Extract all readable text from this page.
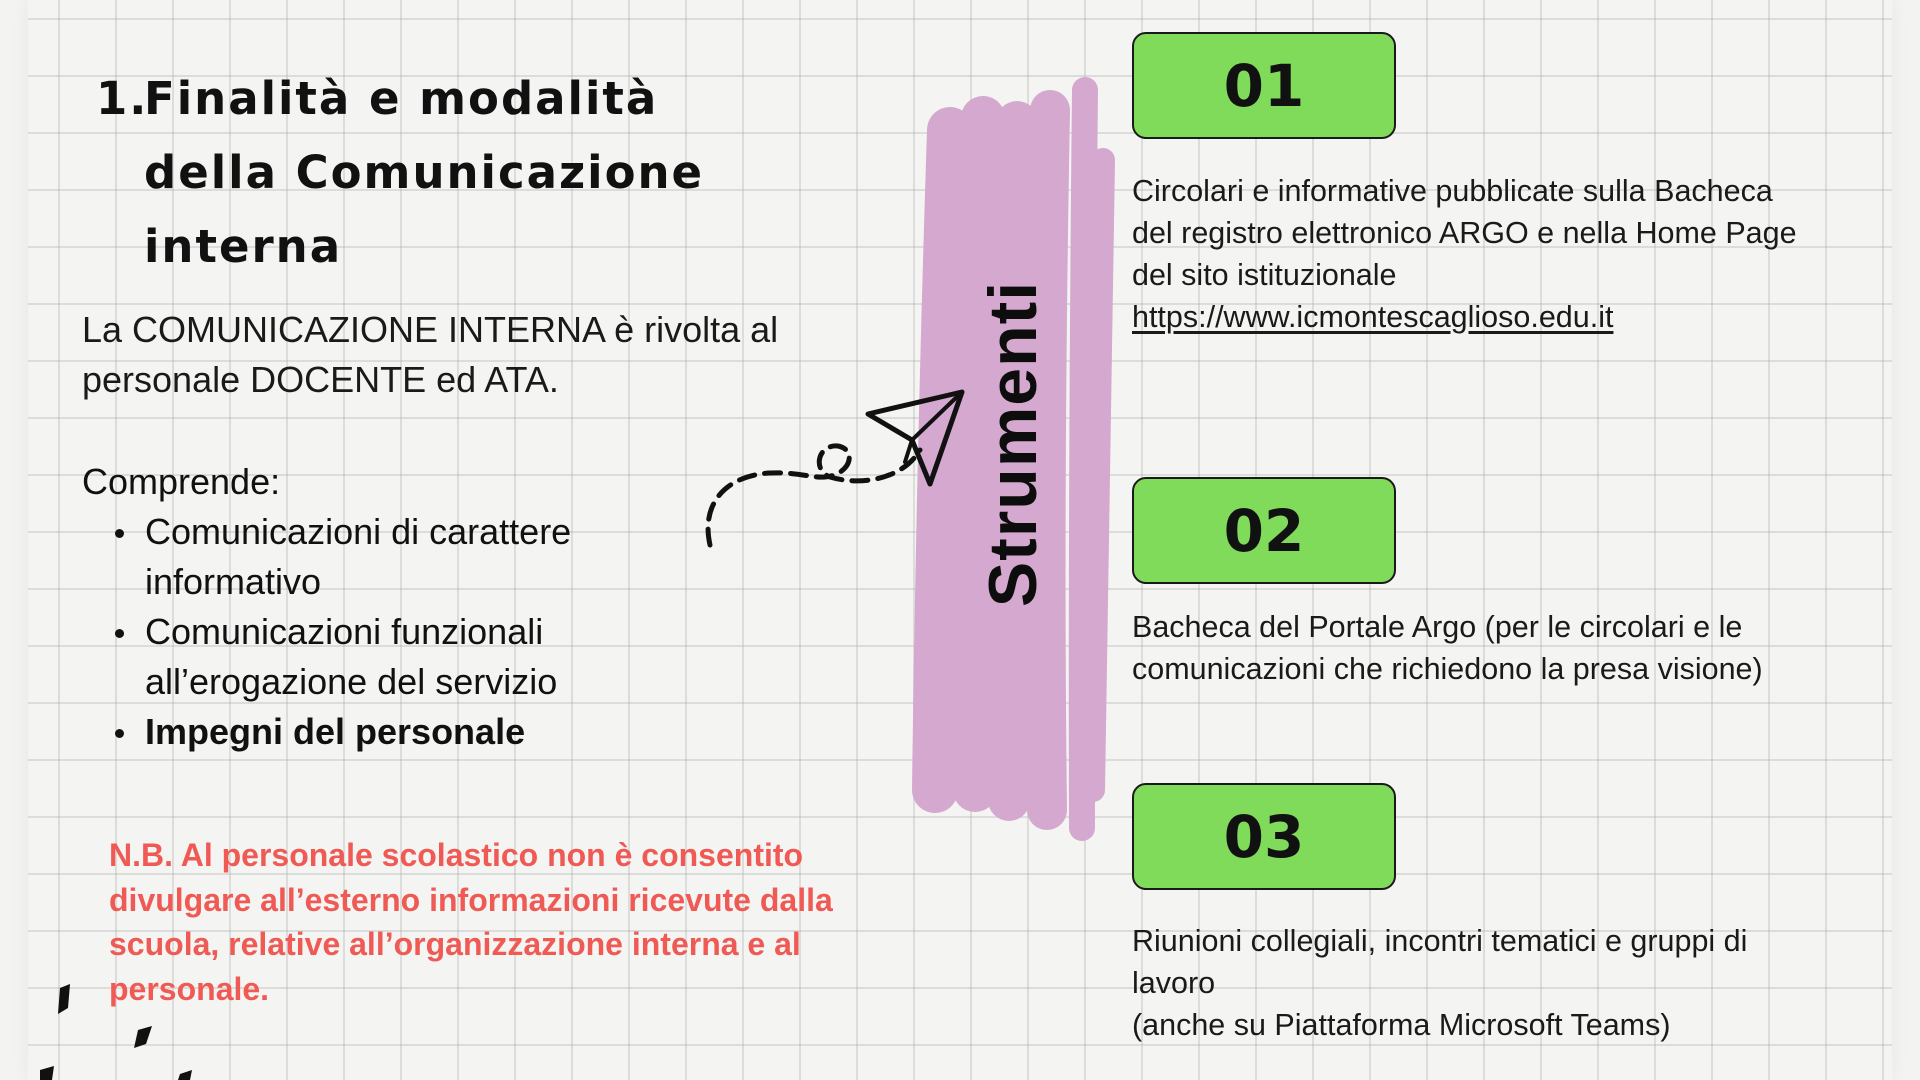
1.
Finalità e modalità
della Comunicazione
interna

La COMUNICAZIONE INTERNA è rivolta al personale DOCENTE ed ATA.

Comprende:

Comunicazioni di carattere informativo
Comunicazioni funzionali all’erogazione del servizio
Impegni del personale

N.B. Al personale scolastico non è consentito divulgare all’esterno informazioni ricevute dalla scuola, relative all’organizzazione interna e al personale.

Strumenti
01

Circolari e informative pubblicate sulla Bacheca del registro elettronico ARGO e nella Home Page del sito istituzionale
https://www.icmontescaglioso.edu.it

02

Bacheca del Portale Argo (per le circolari e le comunicazioni che richiedono la presa visione)

03

Riunioni collegiali, incontri tematici e gruppi di lavoro
(anche su Piattaforma Microsoft Teams)
